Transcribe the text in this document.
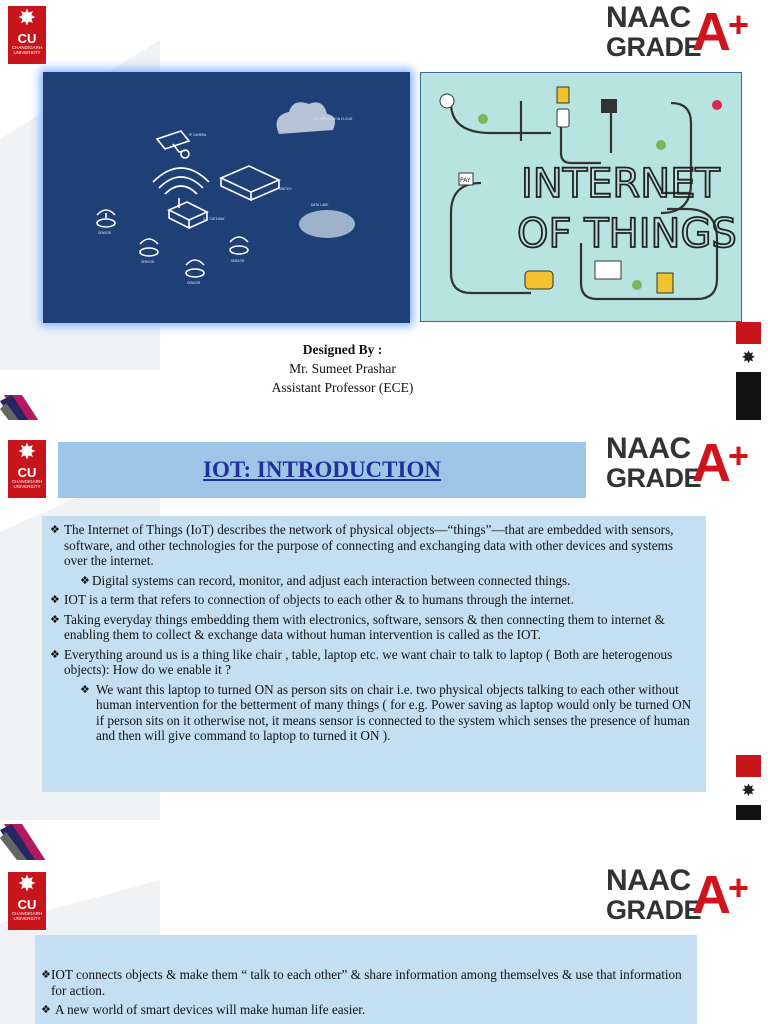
✸
CU
CHANDIGARH UNIVERSITY
NAAC
GRADE
A
+
IP CAMERA
IOT APPLICATION CLOUD
SWITCH
IOT GATEWAY
DATA LAKE
SENSOR
SENSOR	SENSOR
SENSOR
INTERNET
OF THINGS
PAY
Designed By :
Mr. Sumeet Prashar
Assistant Professor (ECE)
✸
✸
CU
CHANDIGARH UNIVERSITY
NAAC
GRADE
A
+
IOT: INTRODUCTION
❖ The Internet of Things (IoT) describes the network of physical objects—“things”—that are embedded with sensors, software, and other technologies for the purpose of connecting and exchanging data with other devices and systems over the internet.
❖ Digital systems can record, monitor, and adjust each interaction between connected things.
❖ IOT is a term that refers to connection of objects to each other & to humans through the internet.
❖ Taking everyday things embedding them with electronics, software, sensors & then connecting them to internet & enabling them to collect & exchange data without human intervention is called as the IOT.
❖ Everything around us is a thing like chair , table, laptop etc. we want chair to talk to laptop ( Both are heterogenous objects): How do we enable it ?
❖ We want this laptop to turned ON as person sits on chair i.e. two physical objects talking to each other without human intervention for the betterment of many things ( for e.g. Power saving as laptop would only be turned ON if person sits on it otherwise not, it means sensor is connected to the system which senses the presence of human and then will give command to laptop to turned it ON ).
✸
✸
CU
CHANDIGARH UNIVERSITY
NAAC
GRADE
A
+
❖ IOT connects objects & make them “ talk to each other” & share information among themselves & use that information for action.
❖ A new world of smart devices will make human life easier.
